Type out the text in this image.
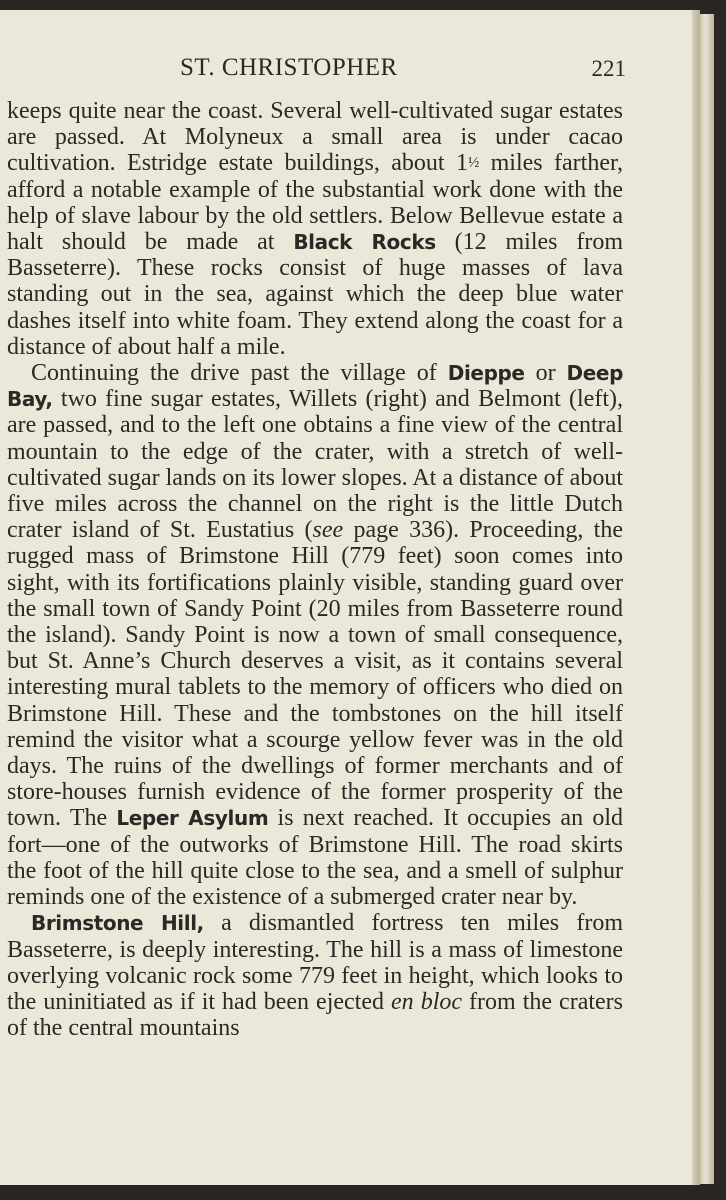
ST. CHRISTOPHER	221

keeps quite near the coast. Several well-cultivated sugar estates are passed. At Molyneux a small area is under cacao cultivation. Estridge estate buildings, about 1½ miles farther, afford a notable example of the substantial work done with the help of slave labour by the old settlers. Below Bellevue estate a halt should be made at Black Rocks (12 miles from Basseterre). These rocks consist of huge masses of lava standing out in the sea, against which the deep blue water dashes itself into white foam. They extend along the coast for a distance of about half a mile.

Continuing the drive past the village of Dieppe or Deep Bay, two fine sugar estates, Willets (right) and Belmont (left), are passed, and to the left one obtains a fine view of the central mountain to the edge of the crater, with a stretch of well-cultivated sugar lands on its lower slopes. At a distance of about five miles across the channel on the right is the little Dutch crater island of St. Eustatius (see page 336). Proceeding, the rugged mass of Brimstone Hill (779 feet) soon comes into sight, with its fortifications plainly visible, standing guard over the small town of Sandy Point (20 miles from Basseterre round the island). Sandy Point is now a town of small consequence, but St. Anne’s Church deserves a visit, as it contains several interesting mural tablets to the memory of officers who died on Brimstone Hill. These and the tombstones on the hill itself remind the visitor what a scourge yellow fever was in the old days. The ruins of the dwellings of former merchants and of store-houses furnish evidence of the former prosperity of the town. The Leper Asylum is next reached. It occupies an old fort—one of the outworks of Brimstone Hill. The road skirts the foot of the hill quite close to the sea, and a smell of sulphur reminds one of the existence of a submerged crater near by.

Brimstone Hill, a dismantled fortress ten miles from Basseterre, is deeply interesting. The hill is a mass of limestone overlying volcanic rock some 779 feet in height, which looks to the uninitiated as if it had been ejected en bloc from the craters of the central mountains
